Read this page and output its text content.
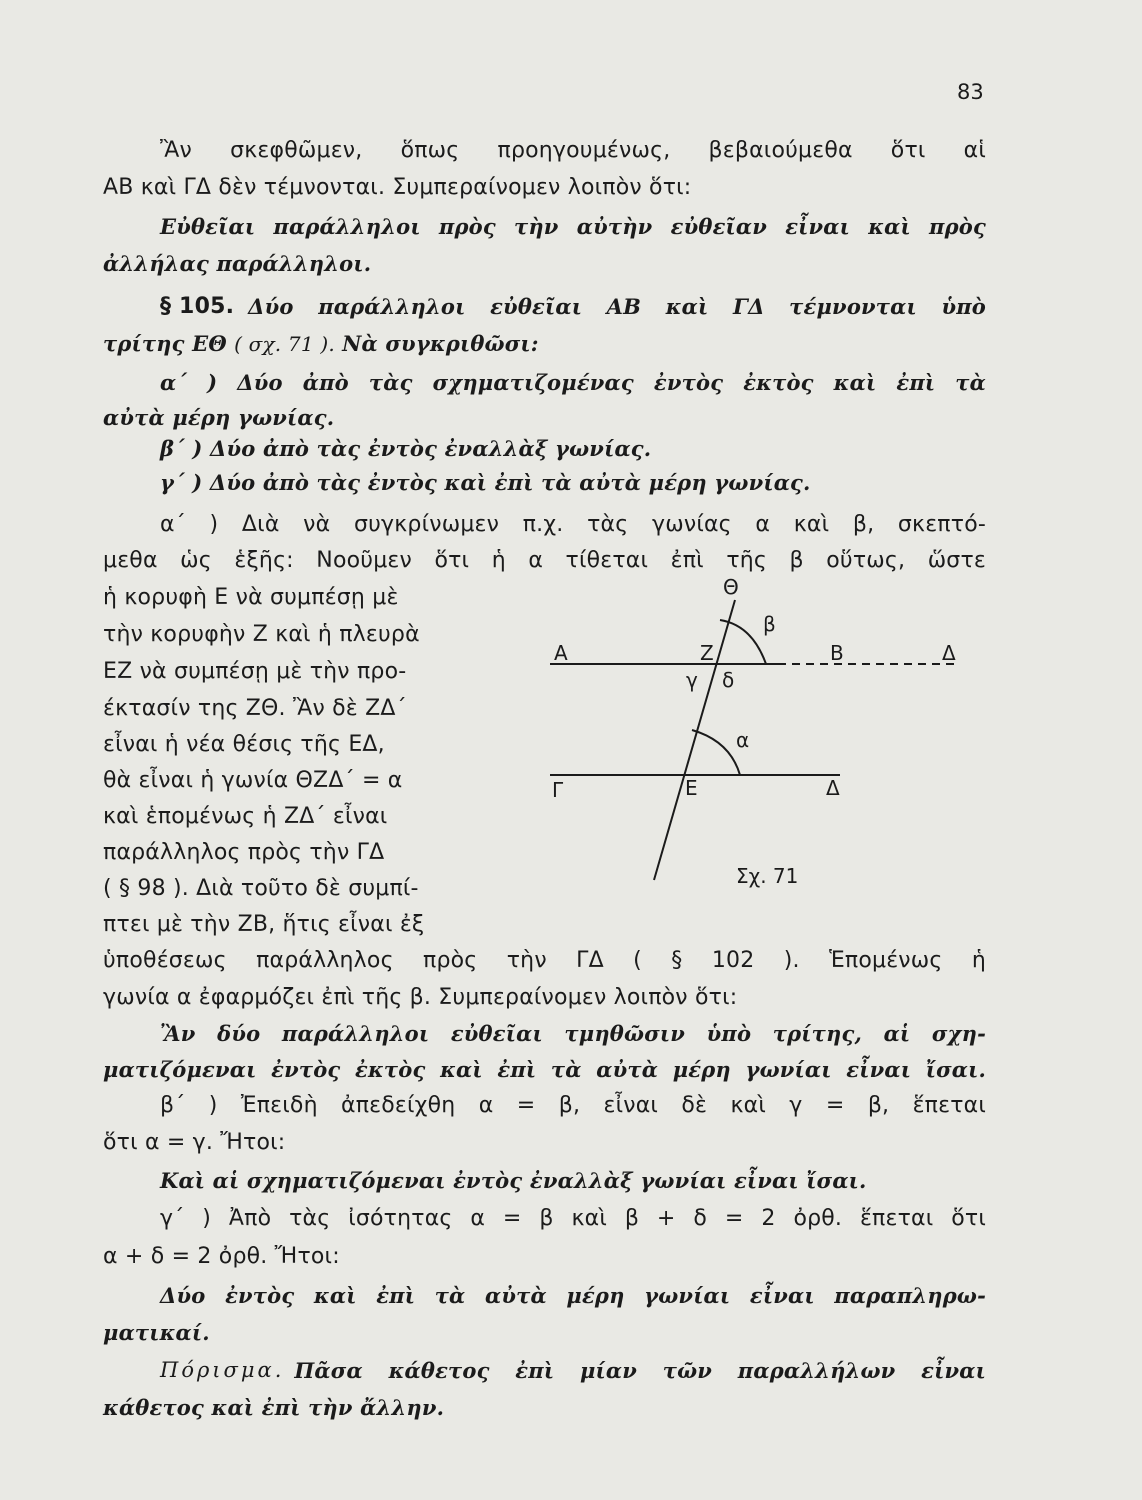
83
Ἂν σκεφθῶμεν, ὅπως προηγουμένως, βεβαιούμεθα ὅτι αἱ
ΑΒ καὶ ΓΔ δὲν τέμνονται. Συμπεραίνομεν λοιπὸν ὅτι:
Εὐθεῖαι παράλληλοι πρὸς τὴν αὐτὴν εὐθεῖαν εἶναι καὶ πρὸς
ἀλλήλας παράλληλοι.
§ 105. Δύο παράλληλοι εὐθεῖαι ΑΒ καὶ ΓΔ τέμνονται ὑπὸ
τρίτης ΕΘ ( σχ. 71 ). Νὰ συγκριθῶσι:
α΄ ) Δύο ἀπὸ τὰς σχηματιζομένας ἐντὸς ἐκτὸς καὶ ἐπὶ τὰ
αὐτὰ μέρη γωνίας.
β΄ ) Δύο ἀπὸ τὰς ἐντὸς ἐναλλὰξ γωνίας.
γ΄ ) Δύο ἀπὸ τὰς ἐντὸς καὶ ἐπὶ τὰ αὐτὰ μέρη γωνίας.
α΄ ) Διὰ νὰ συγκρίνωμεν π.χ. τὰς γωνίας α καὶ β, σκεπτό-
μεθα ὡς ἑξῆς: Νοοῦμεν ὅτι ἡ α τίθεται ἐπὶ τῆς β οὕτως, ὥστε
ἡ κορυφὴ Ε νὰ συμπέσῃ μὲ
τὴν κορυφὴν Ζ καὶ ἡ πλευρὰ
ΕΖ νὰ συμπέσῃ μὲ τὴν προ-
έκτασίν της ΖΘ. Ἂν δὲ ΖΔ΄
εἶναι ἡ νέα θέσις τῆς ΕΔ,
θὰ εἶναι ἡ γωνία ΘΖΔ΄ = α
καὶ ἑπομένως ἡ ΖΔ΄ εἶναι
παράλληλος πρὸς τὴν ΓΔ
( § 98 ). Διὰ τοῦτο δὲ συμπί-
πτει μὲ τὴν ΖΒ, ἥτις εἶναι ἐξ
Θ
β
Α	Ζ	Β	Δ
γ δ
α
Γ	Ε	Δ
Σχ. 71
ὑποθέσεως παράλληλος πρὸς τὴν ΓΔ ( § 102 ). Ἑπομένως ἡ
γωνία α ἐφαρμόζει ἐπὶ τῆς β. Συμπεραίνομεν λοιπὸν ὅτι:
Ἂν δύο παράλληλοι εὐθεῖαι τμηθῶσιν ὑπὸ τρίτης, αἱ σχη-
ματιζόμεναι ἐντὸς ἐκτὸς καὶ ἐπὶ τὰ αὐτὰ μέρη γωνίαι εἶναι ἴσαι.
β΄ ) Ἐπειδὴ ἀπεδείχθη α = β, εἶναι δὲ καὶ γ = β, ἕπεται
ὅτι α = γ. Ἤτοι:
Καὶ αἱ σχηματιζόμεναι ἐντὸς ἐναλλὰξ γωνίαι εἶναι ἴσαι.
γ΄ ) Ἀπὸ τὰς ἰσότητας α = β καὶ β + δ = 2 ὀρθ. ἕπεται ὅτι
α + δ = 2 ὀρθ. Ἤτοι:
Δύο ἐντὸς καὶ ἐπὶ τὰ αὐτὰ μέρη γωνίαι εἶναι παραπληρω-
ματικαί.
Πόρισμα. Πᾶσα κάθετος ἐπὶ μίαν τῶν παραλλήλων εἶναι
κάθετος καὶ ἐπὶ τὴν ἄλλην.
